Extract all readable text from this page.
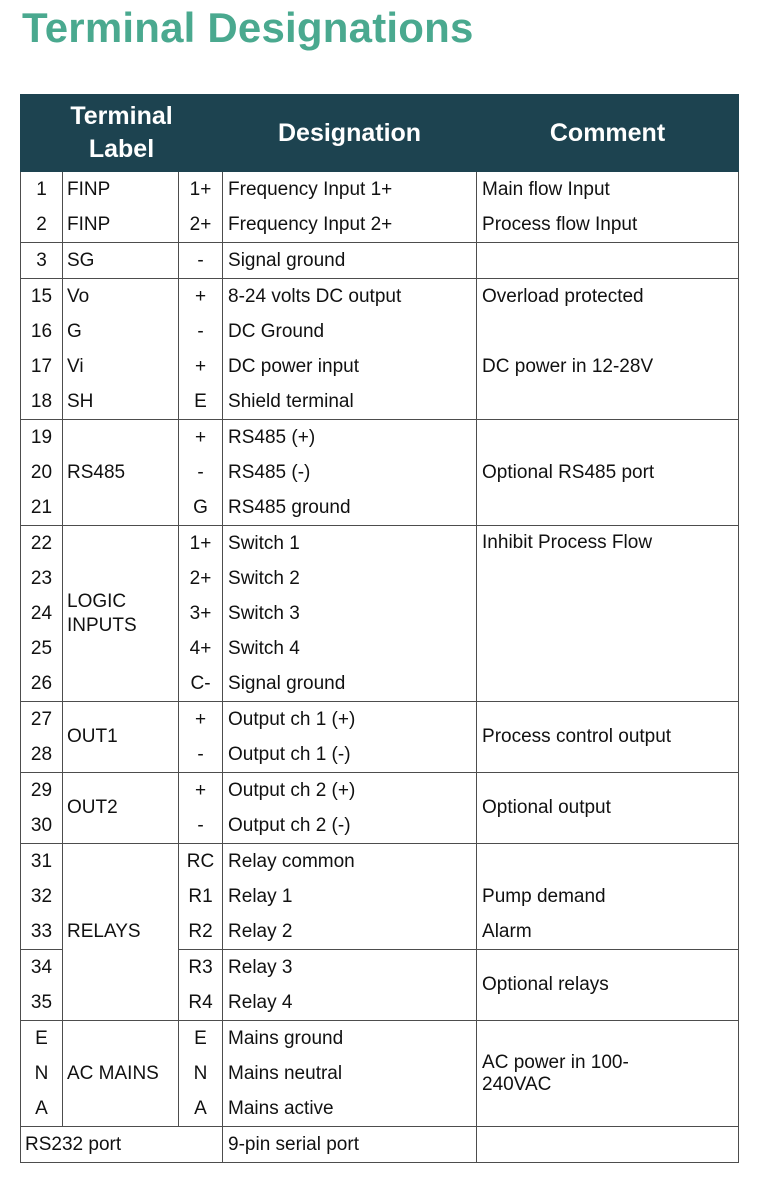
Terminal Designations
Terminal Label			Designation	Comment
1	FINP	1+	Frequency Input 1+	Main flow Input
2	FINP	2+	Frequency Input 2+	Process flow Input
3	SG	-	Signal ground	
15	Vo	+	8-24 volts DC output	Overload protected
16	G	-	DC Ground	DC power in 12-28V
17	Vi	+	DC power input	
18	SH	E	Shield terminal	
19	RS485	+	RS485 (+)	Optional RS485 port
20		-	RS485 (-)	
21		G	RS485 ground	
22	LOGIC INPUTS	1+	Switch 1	Inhibit Process Flow
23		2+	Switch 2	
24		3+	Switch 3	
25		4+	Switch 4	
26		C-	Signal ground	
27	OUT1	+	Output ch 1 (+)	Process control output
28		-	Output ch 1 (-)	
29	OUT2	+	Output ch 2 (+)	Optional output
30		-	Output ch 2 (-)	
31	RELAYS	RC	Relay common	
32		R1	Relay 1	Pump demand
33		R2	Relay 2	Alarm
34		R3	Relay 3	Optional relays
35		R4	Relay 4	
E	AC MAINS	E	Mains ground	AC power in 100-240VAC
N		N	Mains neutral	
A		A	Mains active	
RS232 port			9-pin serial port	
